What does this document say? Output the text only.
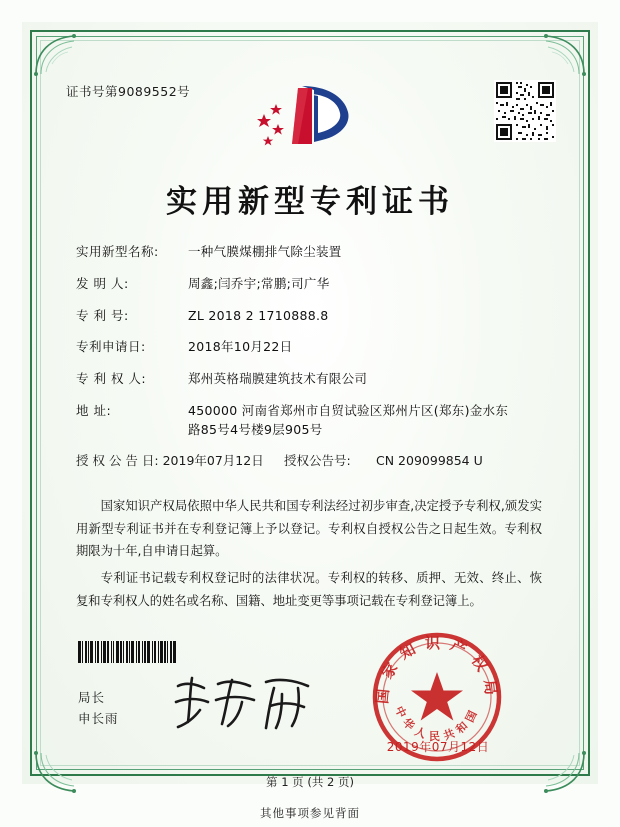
证书号第9089552号
实用新型专利证书
实用新型名称:	一种气膜煤棚排气除尘装置
发 明 人:	周鑫;闫乔宇;常鹏;司广华
专 利 号:	ZL 2018 2 1710888.8
专利申请日:	2018年10月22日
专 利 权 人:	郑州英格瑞膜建筑技术有限公司
地 址:	450000 河南省郑州市自贸试验区郑州片区(郑东)金水东
路85号4号楼9层905号
授 权 公 告 日: 2019年07月12日	授权公告号:	CN 209099854 U

国家知识产权局依照中华人民共和国专利法经过初步审查,决定授予专利权,颁发实用新型专利证书并在专利登记簿上予以登记。专利权自授权公告之日起生效。专利权期限为十年,自申请日起算。

专利证书记载专利权登记时的法律状况。专利权的转移、质押、无效、终止、恢复和专利权人的姓名或名称、国籍、地址变更等事项记载在专利登记簿上。

局长
申长雨
国家知识产权局
中华人民共和国
2019年07月12日
第 1 页 (共 2 页)
其他事项参见背面
